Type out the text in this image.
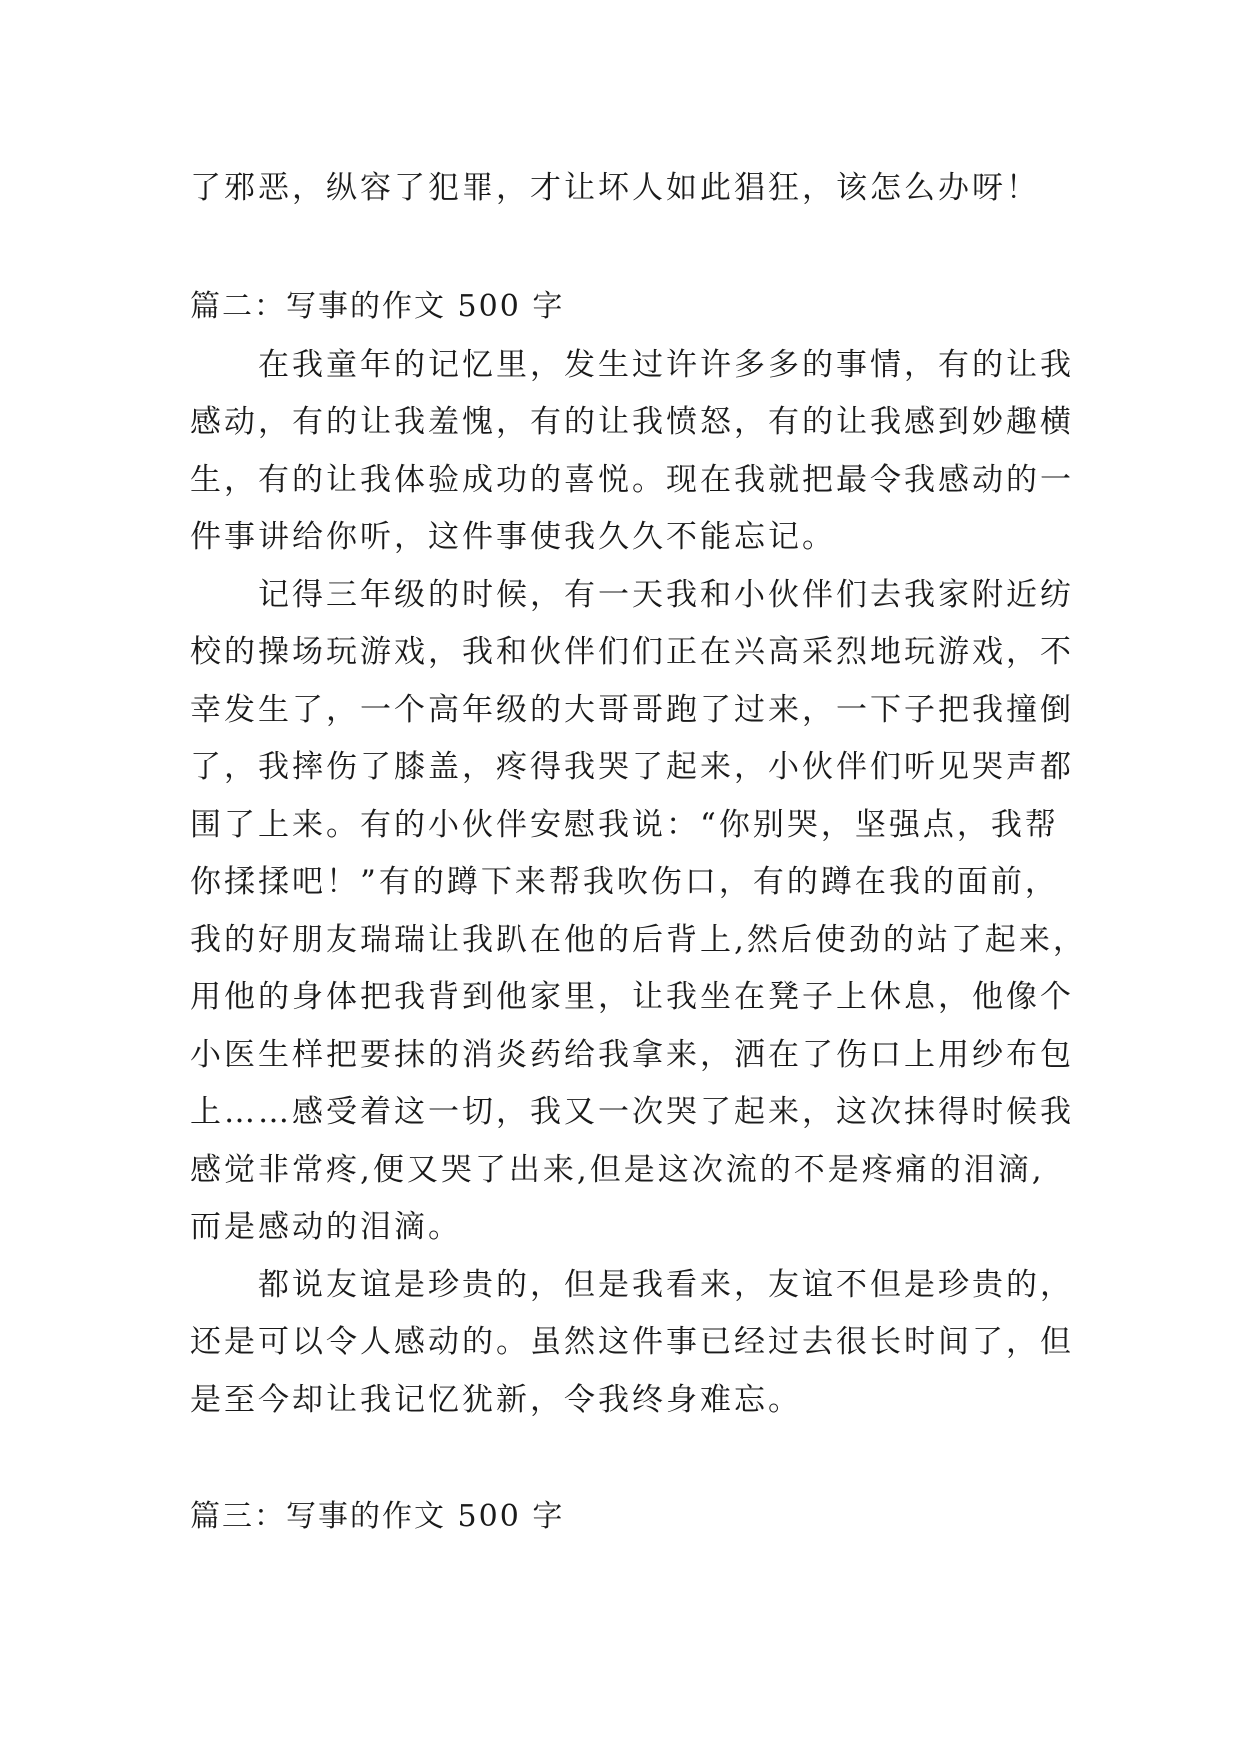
了邪恶，纵容了犯罪，才让坏人如此猖狂，该怎么办呀！
篇二：写事的作文 500 字
　　在我童年的记忆里，发生过许许多多的事情，有的让我
感动，有的让我羞愧，有的让我愤怒，有的让我感到妙趣横
生，有的让我体验成功的喜悦。现在我就把最令我感动的一
件事讲给你听，这件事使我久久不能忘记。
　　记得三年级的时候，有一天我和小伙伴们去我家附近纺
校的操场玩游戏，我和伙伴们们正在兴高采烈地玩游戏，不
幸发生了，一个高年级的大哥哥跑了过来，一下子把我撞倒
了，我摔伤了膝盖，疼得我哭了起来，小伙伴们听见哭声都
围了上来。有的小伙伴安慰我说：“你别哭，坚强点，我帮
你揉揉吧！”有的蹲下来帮我吹伤口，有的蹲在我的面前，
我的好朋友瑞瑞让我趴在他的后背上,然后使劲的站了起来，
用他的身体把我背到他家里，让我坐在凳子上休息，他像个
小医生样把要抹的消炎药给我拿来，洒在了伤口上用纱布包
上……感受着这一切，我又一次哭了起来，这次抹得时候我
感觉非常疼,便又哭了出来,但是这次流的不是疼痛的泪滴,
而是感动的泪滴。
　　都说友谊是珍贵的，但是我看来，友谊不但是珍贵的，
还是可以令人感动的。虽然这件事已经过去很长时间了，但
是至今却让我记忆犹新，令我终身难忘。
篇三：写事的作文 500 字
